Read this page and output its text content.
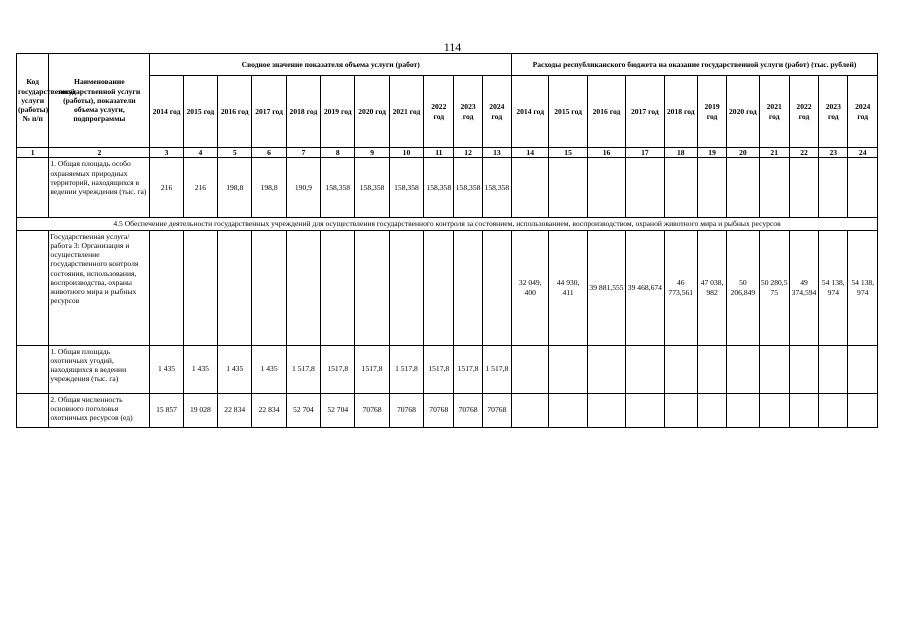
114
Код государственной услуги (работы) № п/п	Наименование государственной услуги (работы), показатели объема услуги, подпрограммы	Сводное значение показателя объема услуги (работ)											Расходы республиканского бюджета на оказание государственной услуги (работ) (тыс. рублей)										
		2014 год	2015 год	2016 год	2017 год	2018 год	2019 год	2020 год	2021 год	2022 год	2023 год	2024 год	2014 год	2015 год	2016 год	2017 год	2018 год	2019 год	2020 год	2021 год	2022 год	2023 год	2024 год
1	2	3	4	5	6	7	8	9	10	11	12	13	14	15	16	17	18	19	20	21	22	23	24
	1. Общая площадь особо охраняемых природных территорий, находящихся в ведении учреждения (тыс. га)	216	216	198,8	198,8	190,9	158,358	158,358	158,358	158,358	158,358	158,358											
4.5 Обеспечение деятельности государственных учреждений для осуществления государственного контроля за состоянием, использованием, воспроизводством, охраной животного мира и рыбных ресурсов																							
	Государственная услуга/работа 3: Организация и осуществление государственного контроля состояния, использования, воспроизводства, охраны животного мира и рыбных ресурсов												32 049, 400	44 930, 411	39 881,555	39 468,674	46 773,561	47 038, 982	50 206,849	50 280,5 75	49 374,594	54 138, 974	54 138, 974
	1. Общая площадь охотничьих угодий, находящихся в ведении учреждения (тыс. га)	1 435	1 435	1 435	1 435	1 517,8	1517,8	1517,8	1 517,8	1517,8	1517,8	1 517,8											
	2. Общая численность основного поголовья охотничьих ресурсов (ед)	15 857	19 028	22 834	22 834	52 704	52 704	70768	70768	70768	70768	70768											
